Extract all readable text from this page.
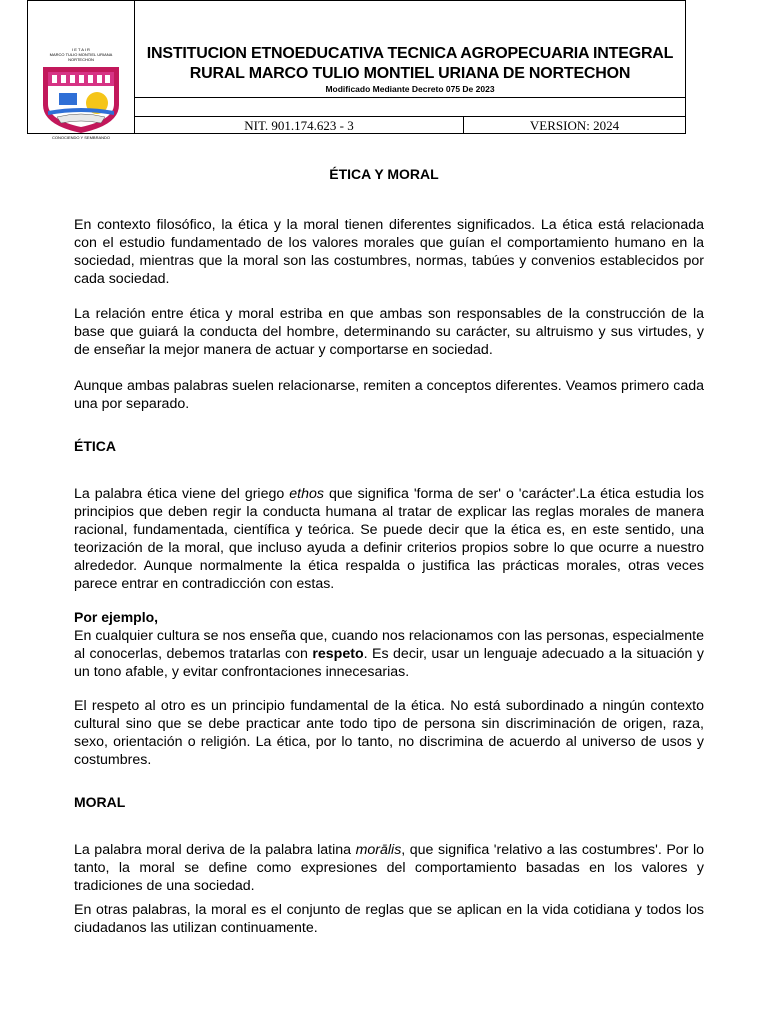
I E T A I R
MARCO TULIO MONTIEL URIANA
NORTECHON
CONOCIENDO Y SEMBRANDO
INSTITUCION ETNOEDUCATIVA TECNICA AGROPECUARIA INTEGRAL
RURAL MARCO TULIO MONTIEL URIANA DE NORTECHON
Modificado Mediante Decreto 075 De 2023
NIT. 901.174.623 - 3	VERSION: 2024
ÉTICA Y MORAL

En contexto filosófico, la ética y la moral tienen diferentes significados. La ética está relacionada con el estudio fundamentado de los valores morales que guían el comportamiento humano en la sociedad, mientras que la moral son las costumbres, normas, tabúes y convenios establecidos por cada sociedad.

La relación entre ética y moral estriba en que ambas son responsables de la construcción de la base que guiará la conducta del hombre, determinando su carácter, su altruismo y sus virtudes, y de enseñar la mejor manera de actuar y comportarse en sociedad.

Aunque ambas palabras suelen relacionarse, remiten a conceptos diferentes. Veamos primero cada una por separado.

ÉTICA

La palabra ética viene del griego ethos que significa 'forma de ser' o 'carácter'.La ética estudia los principios que deben regir la conducta humana al tratar de explicar las reglas morales de manera racional, fundamentada, científica y teórica. Se puede decir que la ética es, en este sentido, una teorización de la moral, que incluso ayuda a definir criterios propios sobre lo que ocurre a nuestro alrededor. Aunque normalmente la ética respalda o justifica las prácticas morales, otras veces parece entrar en contradicción con estas.

Por ejemplo,

En cualquier cultura se nos enseña que, cuando nos relacionamos con las personas, especialmente al conocerlas, debemos tratarlas con respeto. Es decir, usar un lenguaje adecuado a la situación y un tono afable, y evitar confrontaciones innecesarias.

El respeto al otro es un principio fundamental de la ética. No está subordinado a ningún contexto cultural sino que se debe practicar ante todo tipo de persona sin discriminación de origen, raza, sexo, orientación o religión. La ética, por lo tanto, no discrimina de acuerdo al universo de usos y costumbres.

MORAL

La palabra moral deriva de la palabra latina morālis, que significa 'relativo a las costumbres'. Por lo tanto, la moral se define como expresiones del comportamiento basadas en los valores y tradiciones de una sociedad.

En otras palabras, la moral es el conjunto de reglas que se aplican en la vida cotidiana y todos los ciudadanos las utilizan continuamente.
